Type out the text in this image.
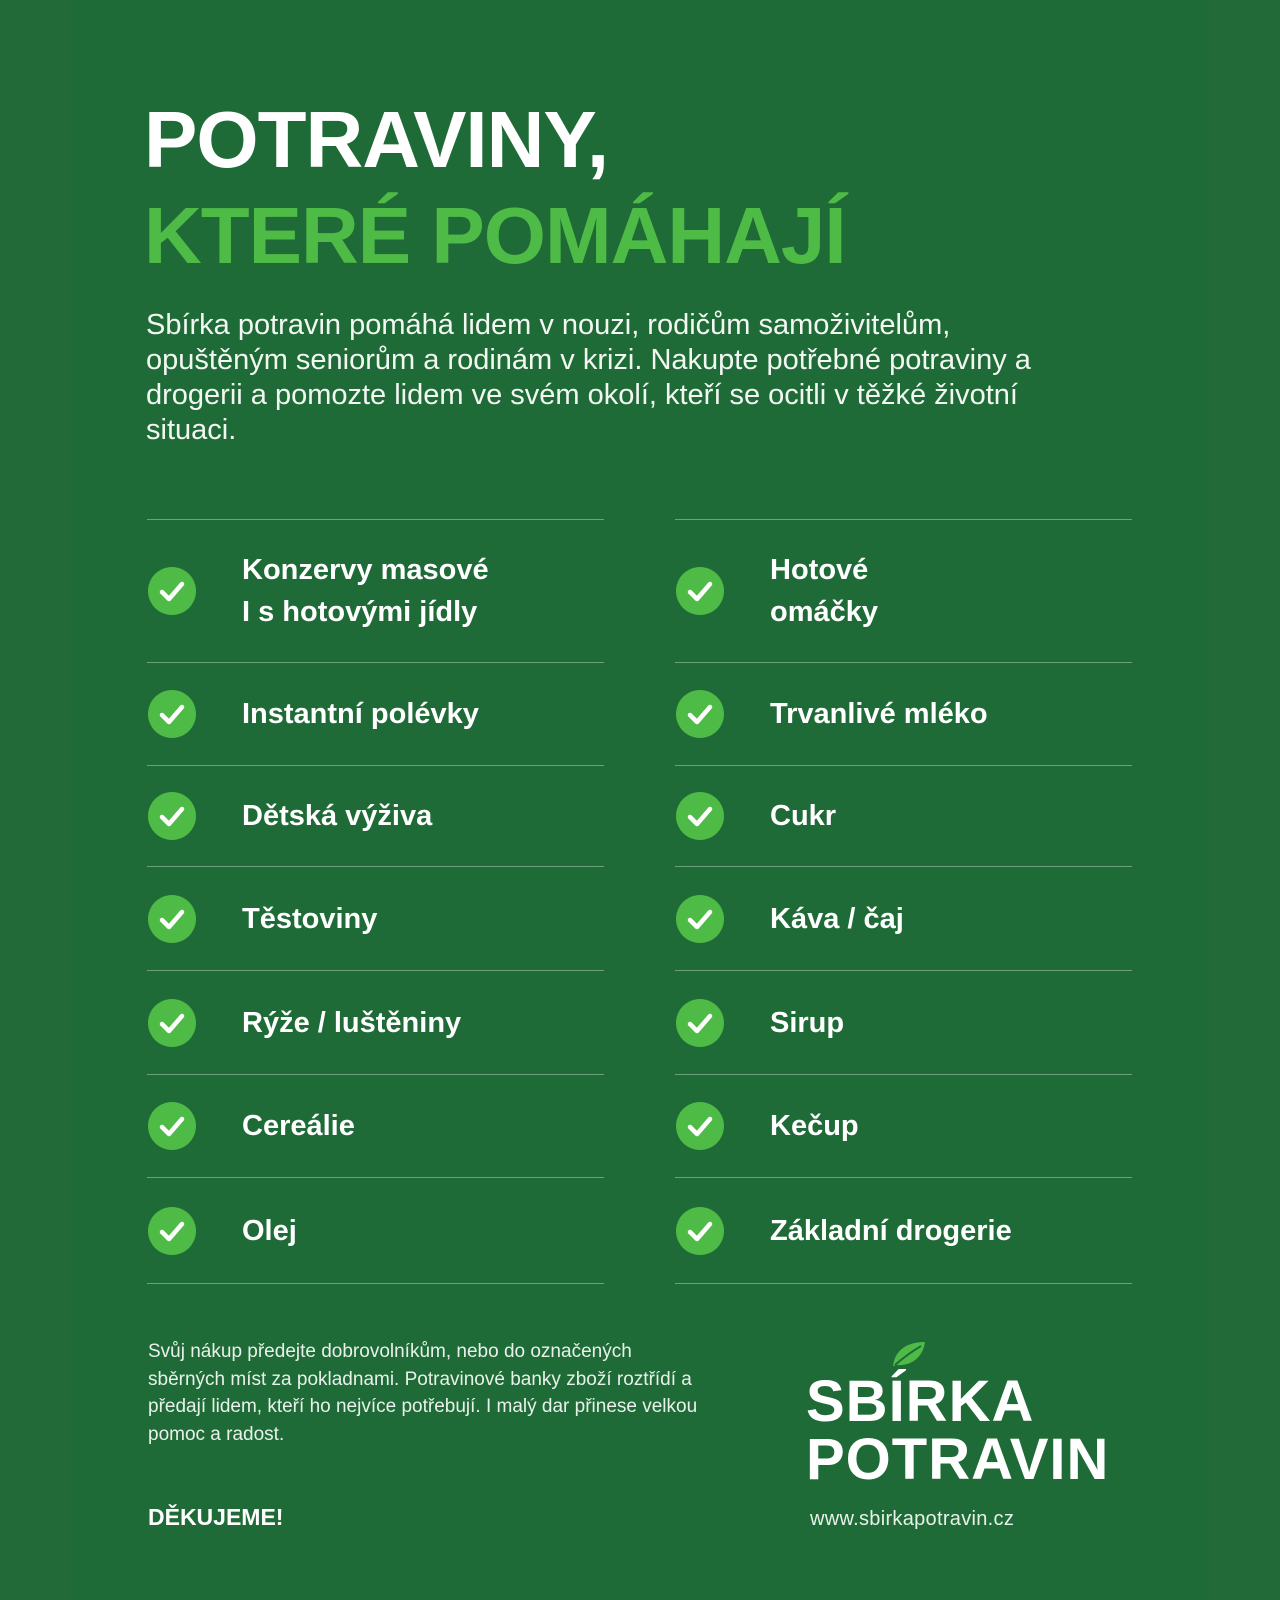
POTRAVINY,
KTERÉ POMÁHAJÍ

Sbírka potravin pomáhá lidem v nouzi, rodičům samoživitelům, opuštěným seniorům a rodinám v krizi. Nakupte potřebné potraviny a drogerii a pomozte lidem ve svém okolí, kteří se ocitli v těžké životní situaci.

Konzervy masové
I s hotovými jídly
Instantní polévky
Dětská výživa
Těstoviny
Rýže / luštěniny
Cereálie
Olej
Hotové
omáčky
Trvanlivé mléko
Cukr
Káva / čaj
Sirup
Kečup
Základní drogerie

Svůj nákup předejte dobrovolníkům, nebo do označených sběrných míst za pokladnami. Potravinové banky zboží roztřídí a předají lidem, kteří ho nejvíce potřebují. I malý dar přinese velkou pomoc a radost.

DĚKUJEME!

SBÍRKA
POTRAVIN

www.sbirkapotravin.cz
